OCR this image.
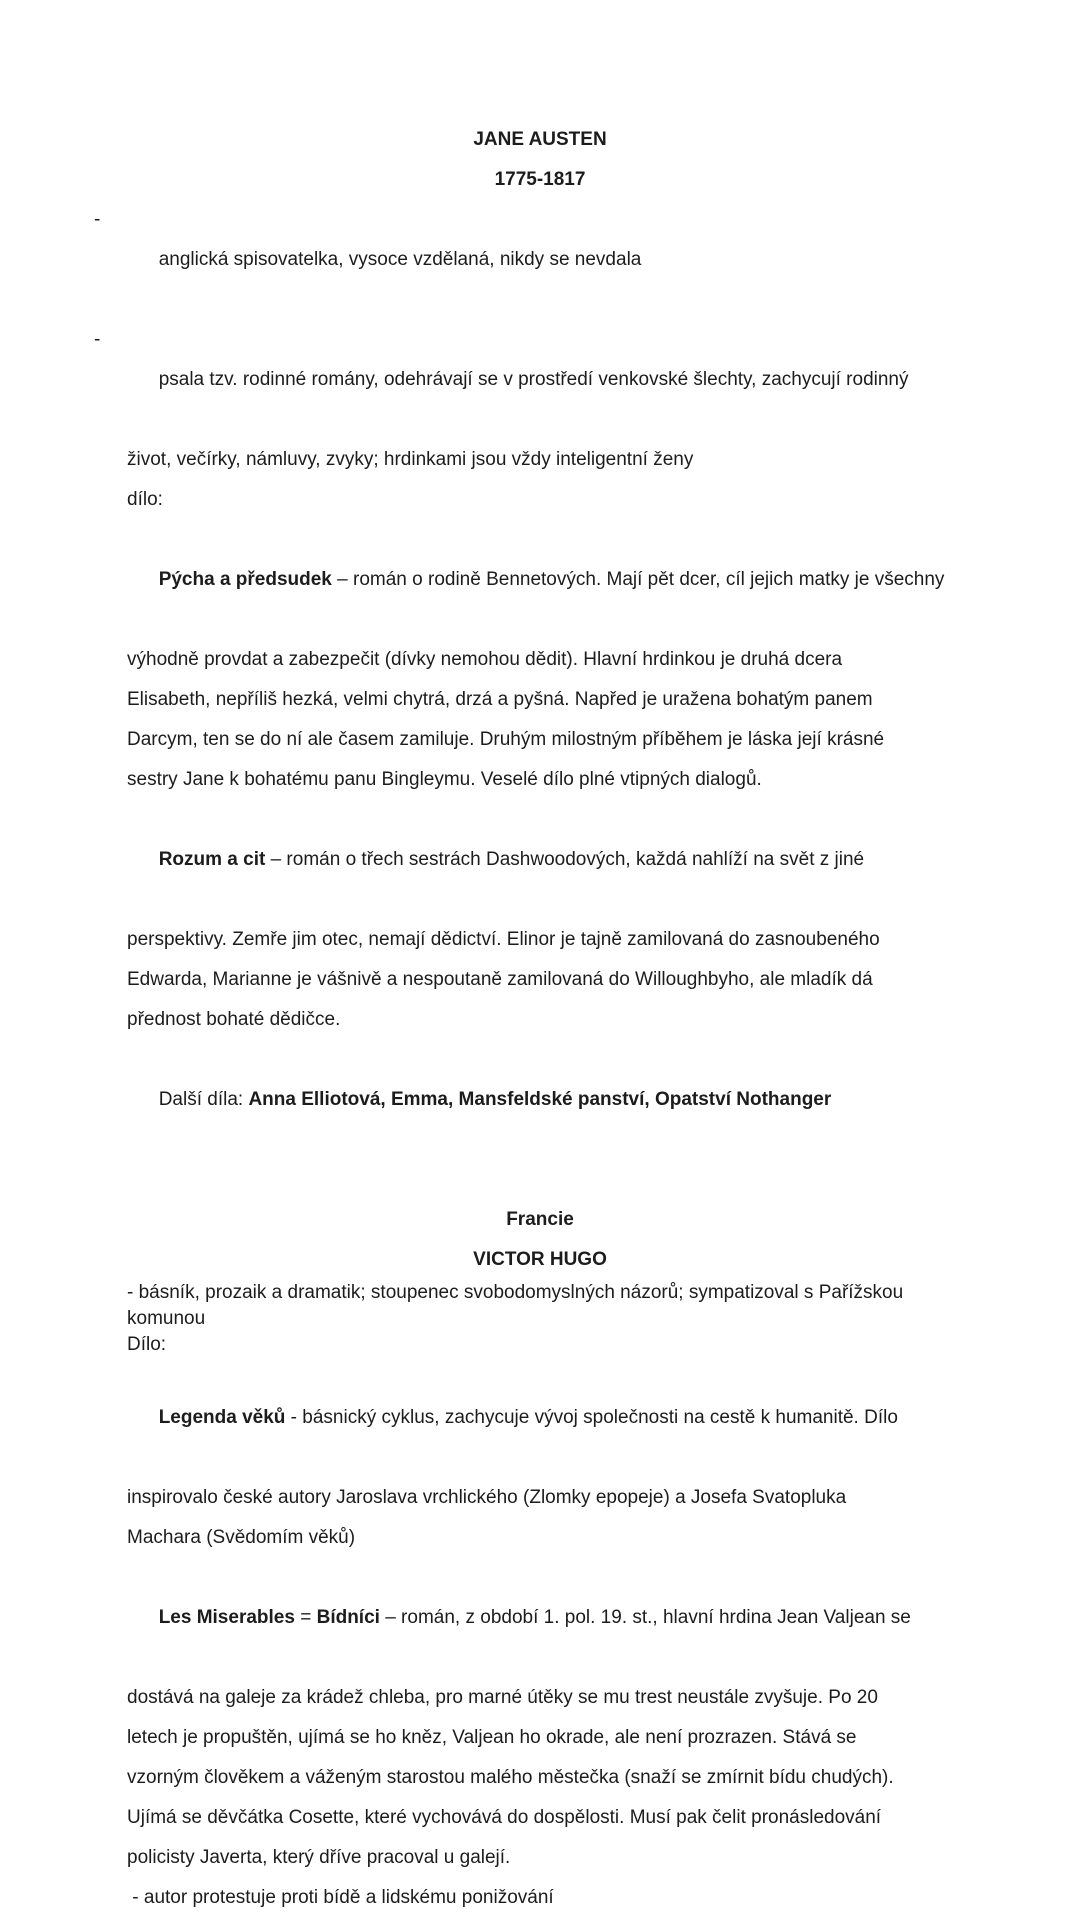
JANE AUSTEN
1775-1817

-
anglická spisovatelka, vysoce vzdělaná, nikdy se nevdala

-
psala tzv. rodinné romány, odehrávají se v prostředí venkovské šlechty, zachycují rodinný

život, večírky, námluvy, zvyky; hrdinkami jsou vždy inteligentní ženy
dílo:

Pýcha a předsudek – román o rodině Bennetových. Mají pět dcer, cíl jejich matky je všechny

výhodně provdat a zabezpečit (dívky nemohou dědit). Hlavní hrdinkou je druhá dcera
Elisabeth, nepříliš hezká, velmi chytrá, drzá a pyšná. Napřed je uražena bohatým panem
Darcym, ten se do ní ale časem zamiluje. Druhým milostným příběhem je láska její krásné
sestry Jane k bohatému panu Bingleymu. Veselé dílo plné vtipných dialogů.

Rozum a cit – román o třech sestrách Dashwoodových, každá nahlíží na svět z jiné

perspektivy. Zemře jim otec, nemají dědictví. Elinor je tajně zamilovaná do zasnoubeného
Edwarda, Marianne je vášnivě a nespoutaně zamilovaná do Willoughbyho, ale mladík dá
přednost bohaté dědičce.

Další díla: Anna Elliotová, Emma, Mansfeldské panství, Opatství Nothanger

Francie
VICTOR HUGO
- básník, prozaik a dramatik; stoupenec svobodomyslných názorů; sympatizoval s Pařížskou
komunou
Dílo:

Legenda věků - básnický cyklus, zachycuje vývoj společnosti na cestě k humanitě. Dílo

inspirovalo české autory Jaroslava vrchlického (Zlomky epopeje) a Josefa Svatopluka
Machara (Svědomím věků)

Les Miserables = Bídníci – román, z období 1. pol. 19. st., hlavní hrdina Jean Valjean se

dostává na galeje za krádež chleba, pro marné útěky se mu trest neustále zvyšuje. Po 20
letech je propuštěn, ujímá se ho kněz, Valjean ho okrade, ale není prozrazen. Stává se
vzorným člověkem a váženým starostou malého městečka (snaží se zmírnit bídu chudých).
Ujímá se děvčátka Cosette, které vychovává do dospělosti. Musí pak čelit pronásledování
policisty Javerta, který dříve pracoval u galejí.
- autor protestuje proti bídě a lidskému ponižování
